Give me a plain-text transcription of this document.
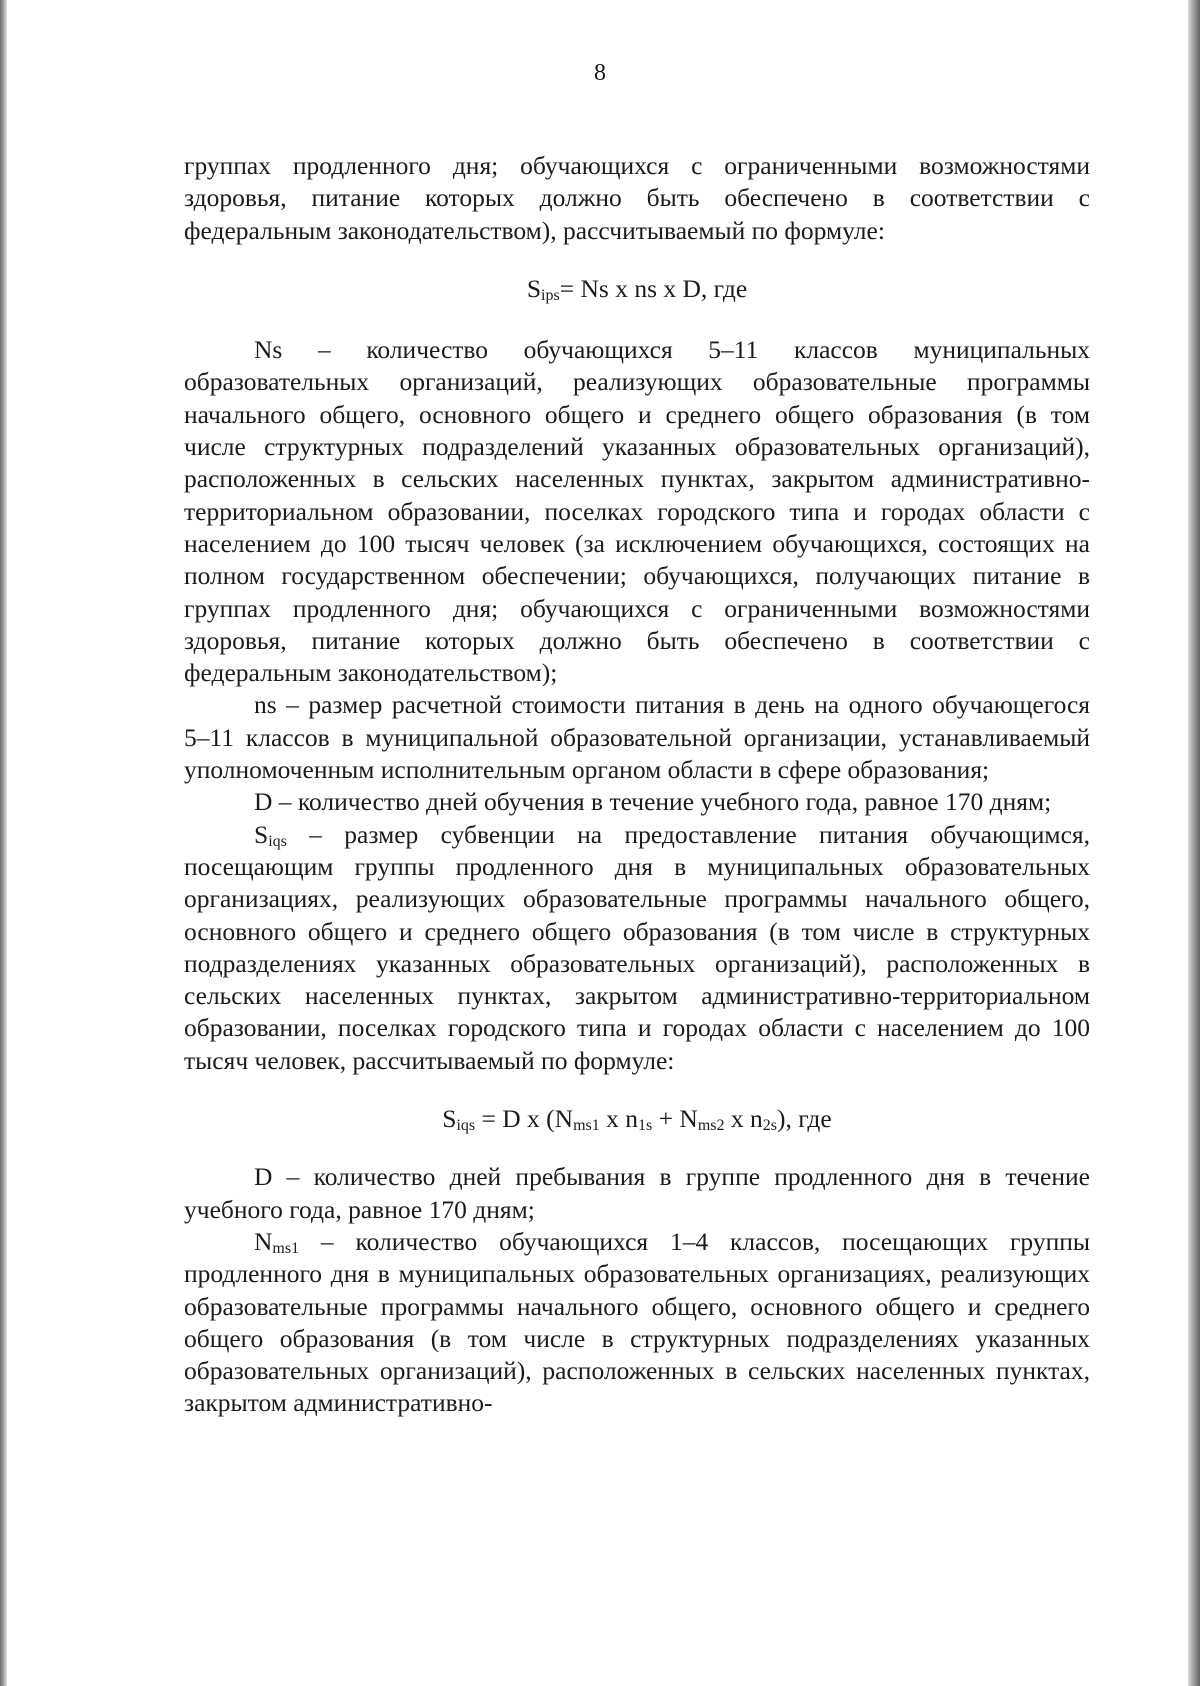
8

группах продленного дня; обучающихся с ограниченными возможностями здоровья, питание которых должно быть обеспечено в соответствии с федеральным законодательством), рассчитываемый по формуле:

$S_{ips}= Ns$ x ns x D, где

Ns – количество обучающихся 5–11 классов муниципальных образовательных организаций, реализующих образовательные программы начального общего, основного общего и среднего общего образования (в том числе структурных подразделений указанных образовательных организаций), расположенных в сельских населенных пунктах, закрытом административно-территориальном образовании, поселках городского типа и городах области с населением до 100 тысяч человек (за исключением обучающихся, состоящих на полном государственном обеспечении; обучающихся, получающих питание в группах продленного дня; обучающихся с ограниченными возможностями здоровья, питание которых должно быть обеспечено в соответствии с федеральным законодательством);

ns – размер расчетной стоимости питания в день на одного обучающегося 5–11 классов в муниципальной образовательной организации, устанавливаемый уполномоченным исполнительным органом области в сфере образования;

D – количество дней обучения в течение учебного года, равное 170 дням;

$S_{iqs}$ – размер субвенции на предоставление питания обучающимся, посещающим группы продленного дня в муниципальных образовательных организациях, реализующих образовательные программы начального общего, основного общего и среднего общего образования (в том числе в структурных подразделениях указанных образовательных организаций), расположенных в сельских населенных пунктах, закрытом административно-территориальном образовании, поселках городского типа и городах области с населением до 100 тысяч человек, рассчитываемый по формуле:

$S_{iqs} = D$ x ($N_{ms1}$ x $n_{1s} + N_{ms2}$ x $n_{2s}$), где

D – количество дней пребывания в группе продленного дня в течение учебного года, равное 170 дням;

$N_{ms1}$ – количество обучающихся 1–4 классов, посещающих группы продленного дня в муниципальных образовательных организациях, реализующих образовательные программы начального общего, основного общего и среднего общего образования (в том числе в структурных подразделениях указанных образовательных организаций), расположенных в сельских населенных пунктах, закрытом административно-
